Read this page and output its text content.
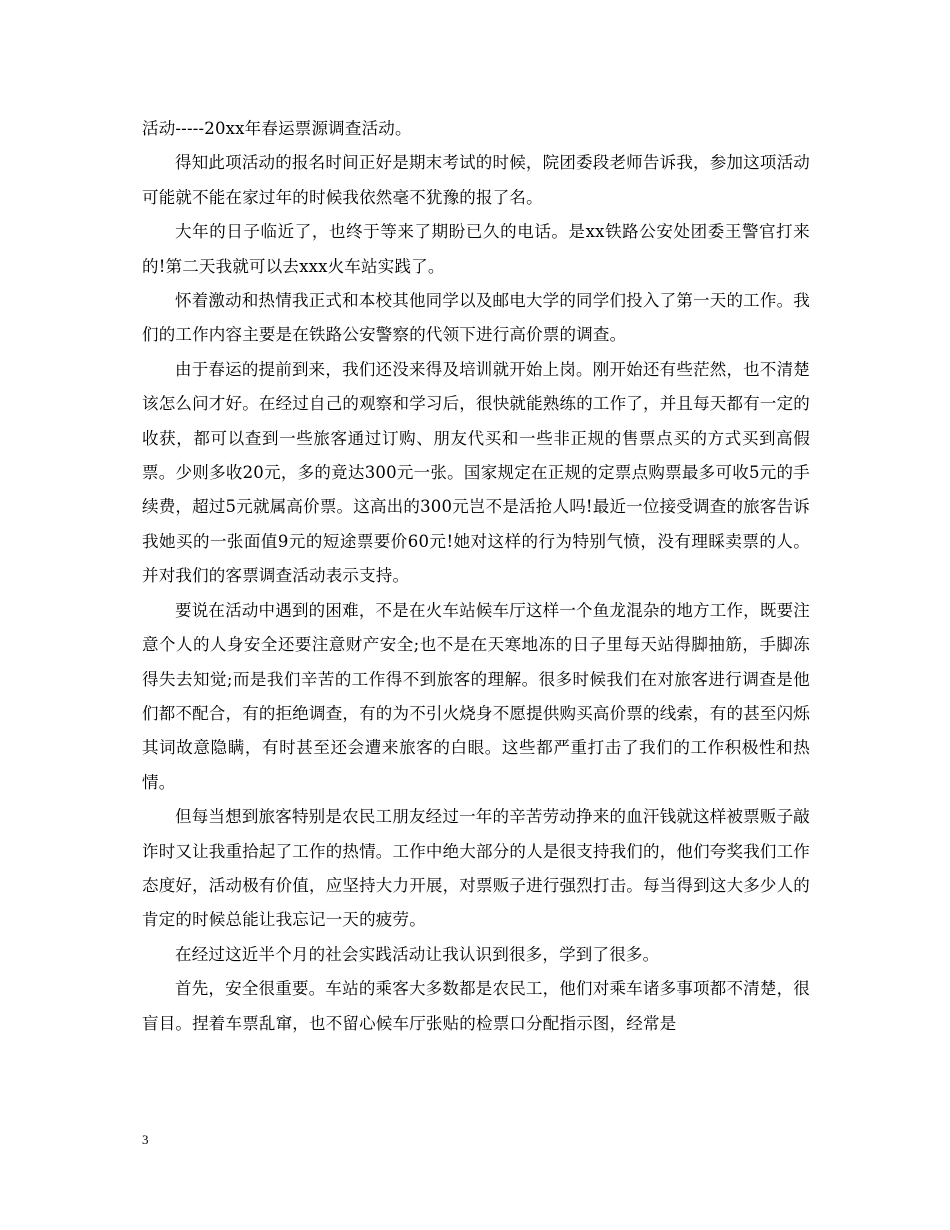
活动-----20xx年春运票源调查活动。

得知此项活动的报名时间正好是期末考试的时候，院团委段老师告诉我，参加这项活动可能就不能在家过年的时候我依然毫不犹豫的报了名。

大年的日子临近了，也终于等来了期盼已久的电话。是xx铁路公安处团委王警官打来的!第二天我就可以去xxx火车站实践了。

怀着激动和热情我正式和本校其他同学以及邮电大学的同学们投入了第一天的工作。我们的工作内容主要是在铁路公安警察的代领下进行高价票的调查。

由于春运的提前到来，我们还没来得及培训就开始上岗。刚开始还有些茫然，也不清楚该怎么问才好。在经过自己的观察和学习后，很快就能熟练的工作了，并且每天都有一定的收获，都可以查到一些旅客通过订购、朋友代买和一些非正规的售票点买的方式买到高假票。少则多收20元，多的竟达300元一张。国家规定在正规的定票点购票最多可收5元的手续费，超过5元就属高价票。这高出的300元岂不是活抢人吗!最近一位接受调查的旅客告诉我她买的一张面值9元的短途票要价60元!她对这样的行为特别气愤，没有理睬卖票的人。并对我们的客票调查活动表示支持。

要说在活动中遇到的困难，不是在火车站候车厅这样一个鱼龙混杂的地方工作，既要注意个人的人身安全还要注意财产安全;也不是在天寒地冻的日子里每天站得脚抽筋，手脚冻得失去知觉;而是我们辛苦的工作得不到旅客的理解。很多时候我们在对旅客进行调查是他们都不配合，有的拒绝调查，有的为不引火烧身不愿提供购买高价票的线索，有的甚至闪烁其词故意隐瞒，有时甚至还会遭来旅客的白眼。这些都严重打击了我们的工作积极性和热情。

但每当想到旅客特别是农民工朋友经过一年的辛苦劳动挣来的血汗钱就这样被票贩子敲诈时又让我重拾起了工作的热情。工作中绝大部分的人是很支持我们的，他们夸奖我们工作态度好，活动极有价值，应坚持大力开展，对票贩子进行强烈打击。每当得到这大多少人的肯定的时候总能让我忘记一天的疲劳。

在经过这近半个月的社会实践活动让我认识到很多，学到了很多。

首先，安全很重要。车站的乘客大多数都是农民工，他们对乘车诸多事项都不清楚，很盲目。捏着车票乱窜，也不留心候车厅张贴的检票口分配指示图，经常是

3
